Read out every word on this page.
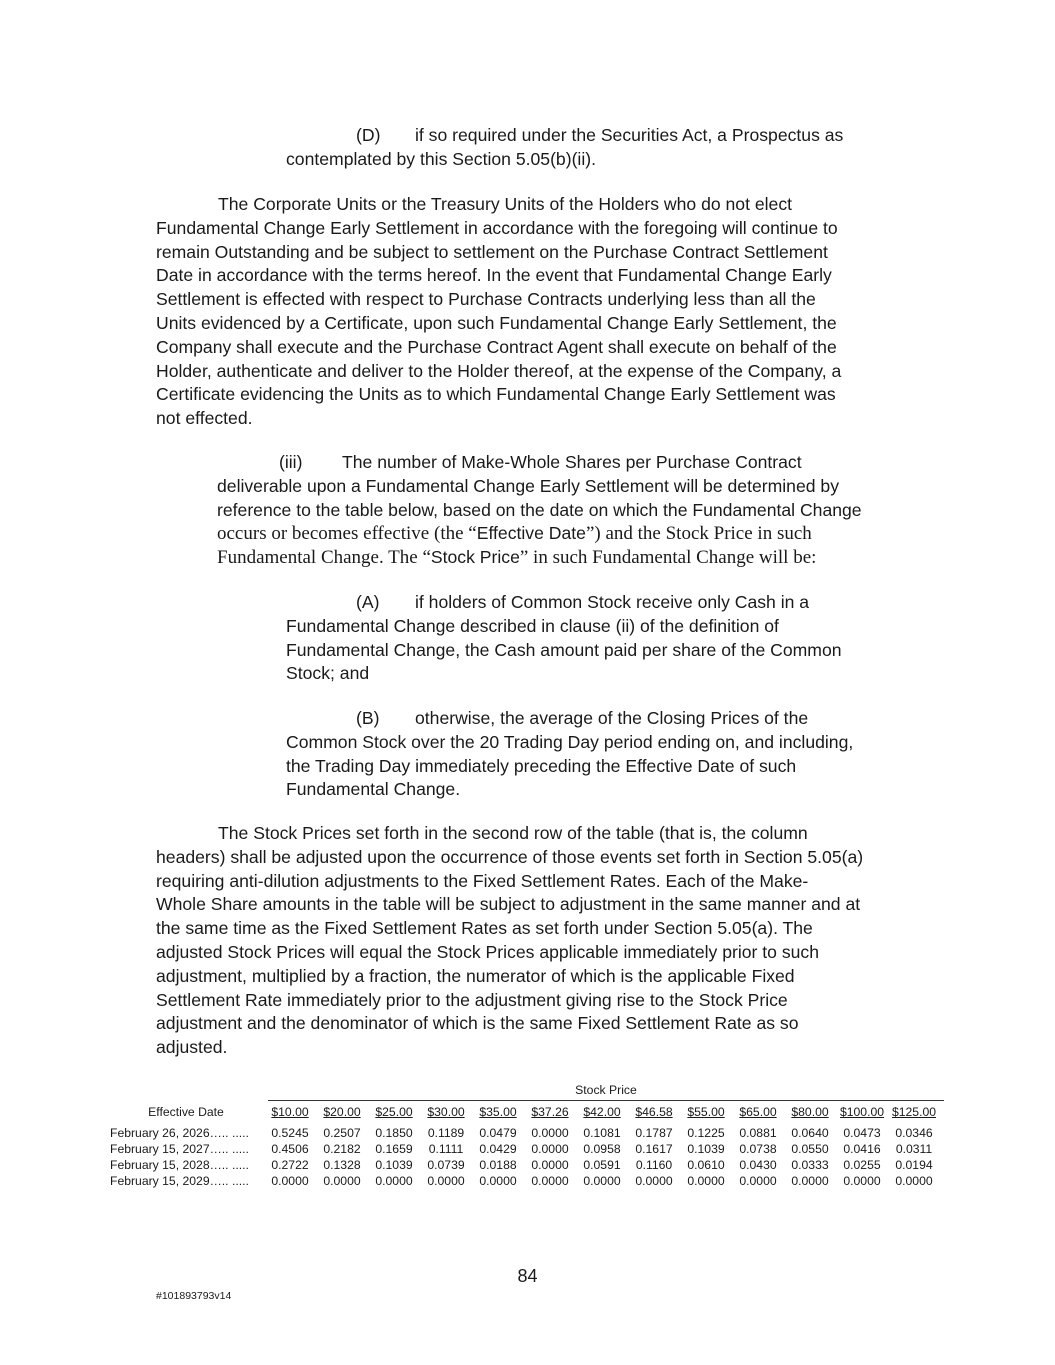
(D) if so required under the Securities Act, a Prospectus as
contemplated by this Section 5.05(b)(ii).

The Corporate Units or the Treasury Units of the Holders who do not elect
Fundamental Change Early Settlement in accordance with the foregoing will continue to
remain Outstanding and be subject to settlement on the Purchase Contract Settlement
Date in accordance with the terms hereof. In the event that Fundamental Change Early
Settlement is effected with respect to Purchase Contracts underlying less than all the
Units evidenced by a Certificate, upon such Fundamental Change Early Settlement, the
Company shall execute and the Purchase Contract Agent shall execute on behalf of the
Holder, authenticate and deliver to the Holder thereof, at the expense of the Company, a
Certificate evidencing the Units as to which Fundamental Change Early Settlement was
not effected.

(iii) The number of Make-Whole Shares per Purchase Contract
deliverable upon a Fundamental Change Early Settlement will be determined by
reference to the table below, based on the date on which the Fundamental Change
occurs or becomes effective (the “Effective Date”) and the Stock Price in such
Fundamental Change. The “Stock Price” in such Fundamental Change will be:

(A) if holders of Common Stock receive only Cash in a
Fundamental Change described in clause (ii) of the definition of
Fundamental Change, the Cash amount paid per share of the Common
Stock; and

(B) otherwise, the average of the Closing Prices of the
Common Stock over the 20 Trading Day period ending on, and including,
the Trading Day immediately preceding the Effective Date of such
Fundamental Change.

The Stock Prices set forth in the second row of the table (that is, the column
headers) shall be adjusted upon the occurrence of those events set forth in Section 5.05(a)
requiring anti-dilution adjustments to the Fixed Settlement Rates. Each of the Make-
Whole Share amounts in the table will be subject to adjustment in the same manner and at
the same time as the Fixed Settlement Rates as set forth under Section 5.05(a). The
adjusted Stock Prices will equal the Stock Prices applicable immediately prior to such
adjustment, multiplied by a fraction, the numerator of which is the applicable Fixed
Settlement Rate immediately prior to the adjustment giving rise to the Stock Price
adjustment and the denominator of which is the same Fixed Settlement Rate as so
adjusted.

Stock Price
Effective Date	$10.00	$20.00	$25.00	$30.00	$35.00	$37.26	$42.00	$46.58	$55.00	$65.00	$80.00 $100.00 $125.00
February 26, 2026….. .....	0.5245	0.2507	0.1850	0.1189	0.0479	0.0000	0.1081	0.1787	0.1225	0.0881	0.0640	0.0473	0.0346
February 15, 2027….. .....	0.4506	0.2182	0.1659	0.1111	0.0429	0.0000	0.0958	0.1617	0.1039	0.0738	0.0550	0.0416	0.0311
February 15, 2028….. .....	0.2722	0.1328	0.1039	0.0739	0.0188	0.0000	0.0591	0.1160	0.0610	0.0430	0.0333	0.0255	0.0194
February 15, 2029….. .....	0.0000	0.0000	0.0000	0.0000	0.0000	0.0000	0.0000	0.0000	0.0000	0.0000	0.0000	0.0000	0.0000
84
#101893793v14
